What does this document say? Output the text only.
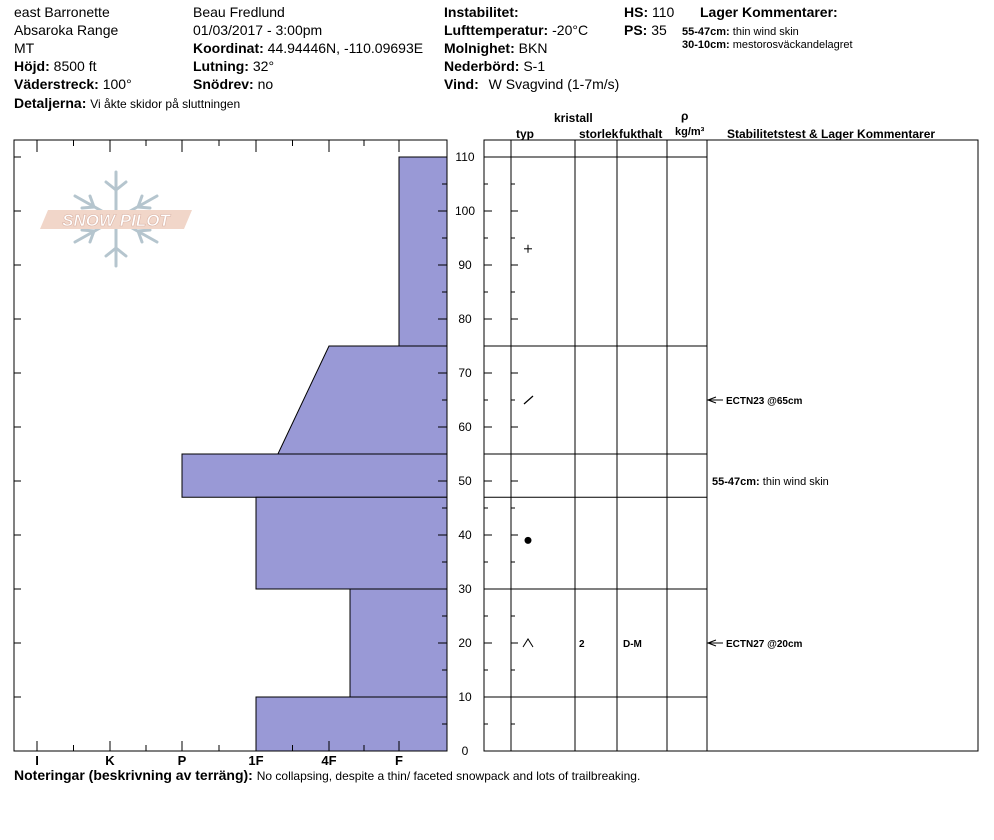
east Barronette
Absaroka Range
MT
Höjd: 8500 ft
Väderstreck: 100°
Detaljerna: Vi åkte skidor på sluttningen
Beau Fredlund
01/03/2017 - 3:00pm
Koordinat: 44.94446N, -110.09693E
Lutning: 32°
Snödrev: no
Instabilitet:
Lufttemperatur: -20°C
Molnighet: BKN
Nederbörd: S-1
Vind: W Svagvind (1-7m/s)
HS: 110
PS: 35
Lager Kommentarer:
55-47cm: thin wind skin
30-10cm: mestorosväckandelagret
kristall
typ	storlek fukthalt
ρ
kg/m³ Stabilitetstest & Lager Kommentarer
SNOW PILOT
I	K	P	1F	4F	F
0
10
20
30
40
50
60
70
80
90
100
110
2	D-M
ECTN23 @65cm
55-47cm: thin wind skin
ECTN27 @20cm
Noteringar (beskrivning av terräng): No collapsing, despite a thin/ faceted snowpack and lots of trailbreaking.
